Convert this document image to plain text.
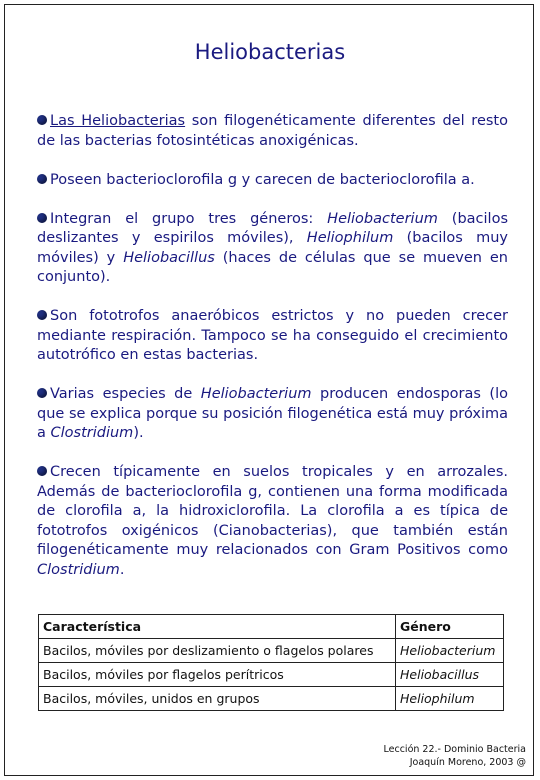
Heliobacterias

Las Heliobacterias son filogenéticamente diferentes del resto de las bacterias fotosintéticas anoxigénicas.

Poseen bacterioclorofila g y carecen de bacterioclorofila a.

Integran el grupo tres géneros: Heliobacterium (bacilos deslizantes y espirilos móviles), Heliophilum (bacilos muy móviles) y Heliobacillus (haces de células que se mueven en conjunto).

Son fototrofos anaeróbicos estrictos y no pueden crecer mediante respiración. Tampoco se ha conseguido el crecimiento autotrófico en estas bacterias.

Varias especies de Heliobacterium producen endosporas (lo que se explica porque su posición filogenética está muy próxima a Clostridium).

Crecen típicamente en suelos tropicales y en arrozales. Además de bacterioclorofila g, contienen una forma modificada de clorofila a, la hidroxiclorofila. La clorofila a es típica de fototrofos oxigénicos (Cianobacterias), que también están filogenéticamente muy relacionados con Gram Positivos como Clostridium.

Característica	Género
Bacilos, móviles por deslizamiento o flagelos polares	Heliobacterium
Bacilos, móviles por flagelos perítricos	Heliobacillus
Bacilos, móviles, unidos en grupos	Heliophilum
Lección 22.- Dominio Bacteria
Joaquín Moreno, 2003 @
